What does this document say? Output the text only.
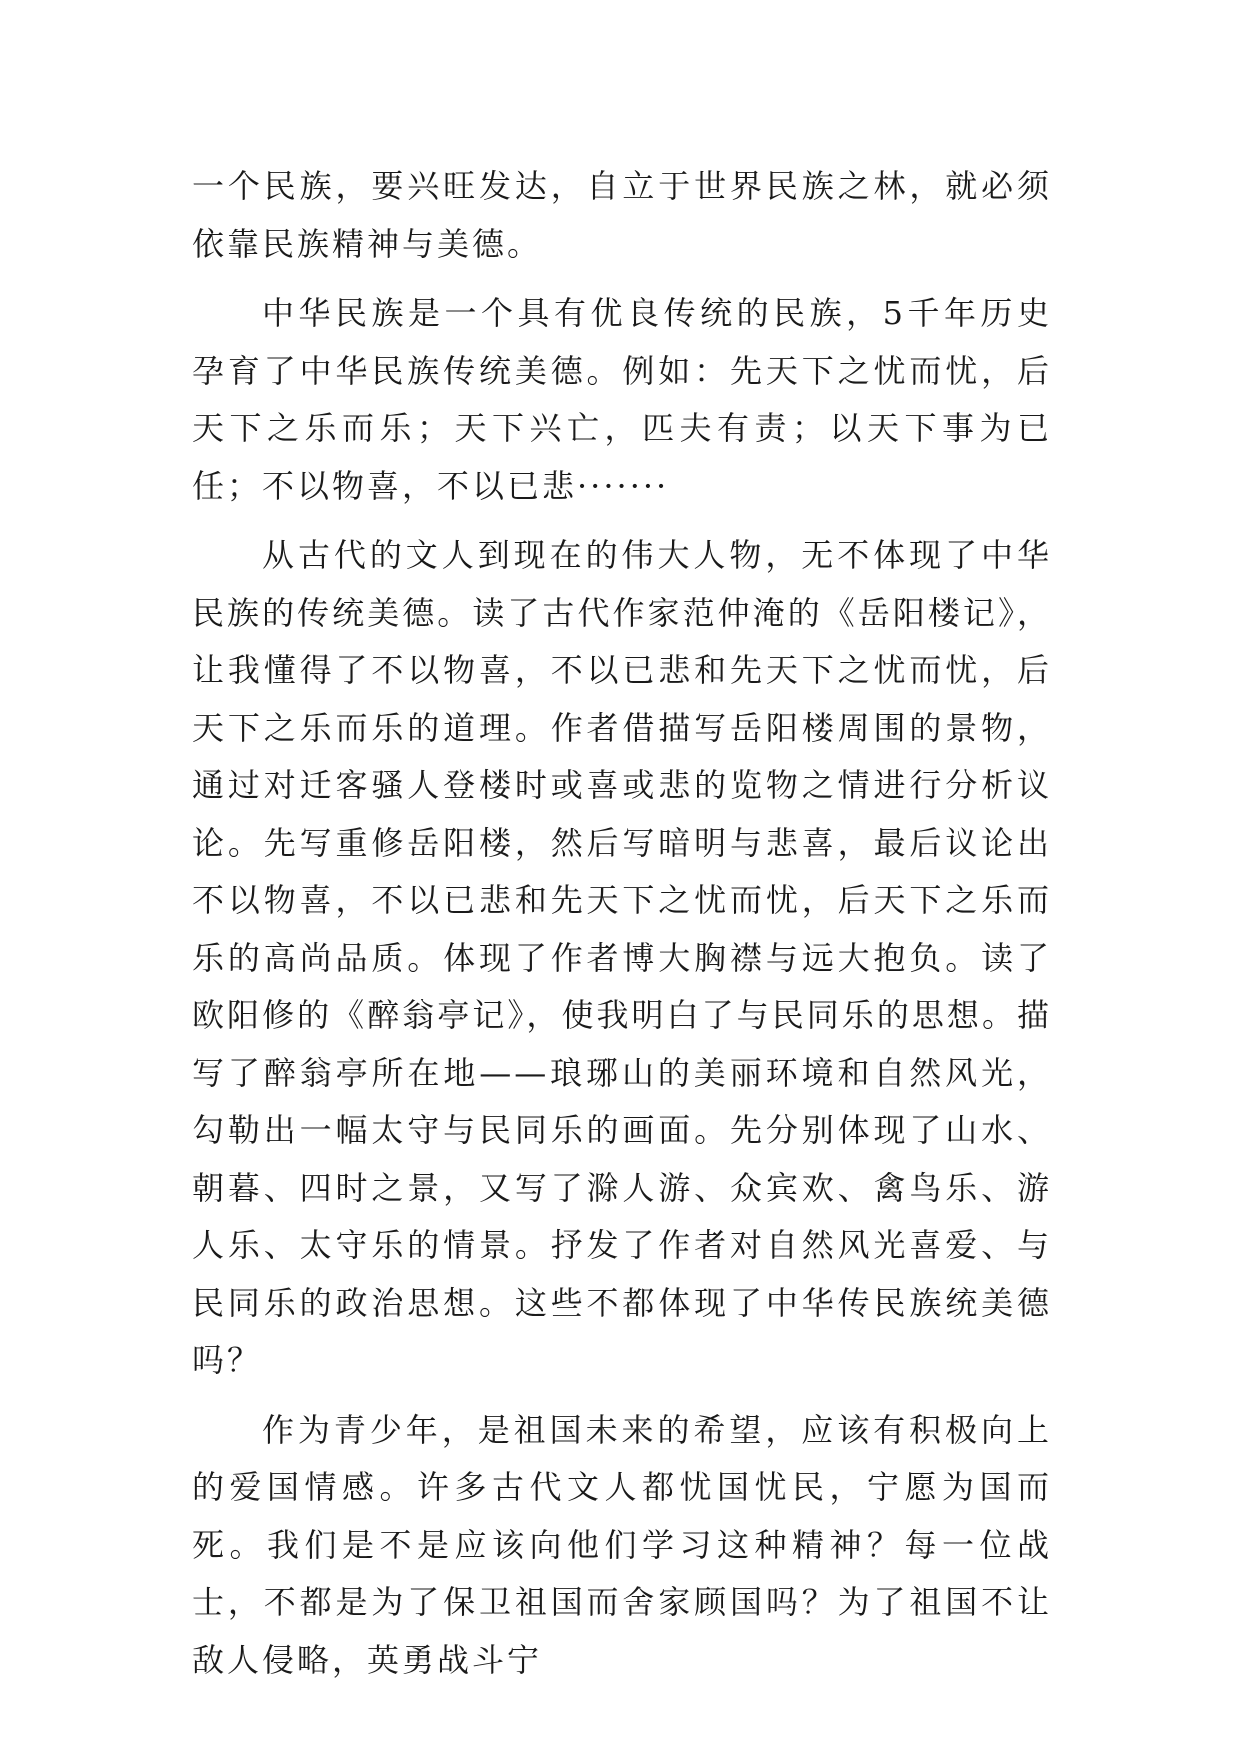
一个民族，要兴旺发达，自立于世界民族之林，就必须依靠民族精神与美德。

中华民族是一个具有优良传统的民族，5千年历史孕育了中华民族传统美德。例如：先天下之忧而忧，后天下之乐而乐；天下兴亡，匹夫有责；以天下事为已任；不以物喜，不以已悲·······

从古代的文人到现在的伟大人物，无不体现了中华民族的传统美德。读了古代作家范仲淹的《岳阳楼记》，让我懂得了不以物喜，不以已悲和先天下之忧而忧，后天下之乐而乐的道理。作者借描写岳阳楼周围的景物，通过对迁客骚人登楼时或喜或悲的览物之情进行分析议论。先写重修岳阳楼，然后写暗明与悲喜，最后议论出不以物喜，不以已悲和先天下之忧而忧，后天下之乐而乐的高尚品质。体现了作者博大胸襟与远大抱负。读了欧阳修的《醉翁亭记》，使我明白了与民同乐的思想。描写了醉翁亭所在地——琅琊山的美丽环境和自然风光，勾勒出一幅太守与民同乐的画面。先分别体现了山水、朝暮、四时之景，又写了滁人游、众宾欢、禽鸟乐、游人乐、太守乐的情景。抒发了作者对自然风光喜爱、与民同乐的政治思想。这些不都体现了中华传民族统美德吗？

作为青少年，是祖国未来的希望，应该有积极向上的爱国情感。许多古代文人都忧国忧民，宁愿为国而死。我们是不是应该向他们学习这种精神？每一位战士，不都是为了保卫祖国而舍家顾国吗？为了祖国不让敌人侵略，英勇战斗宁
